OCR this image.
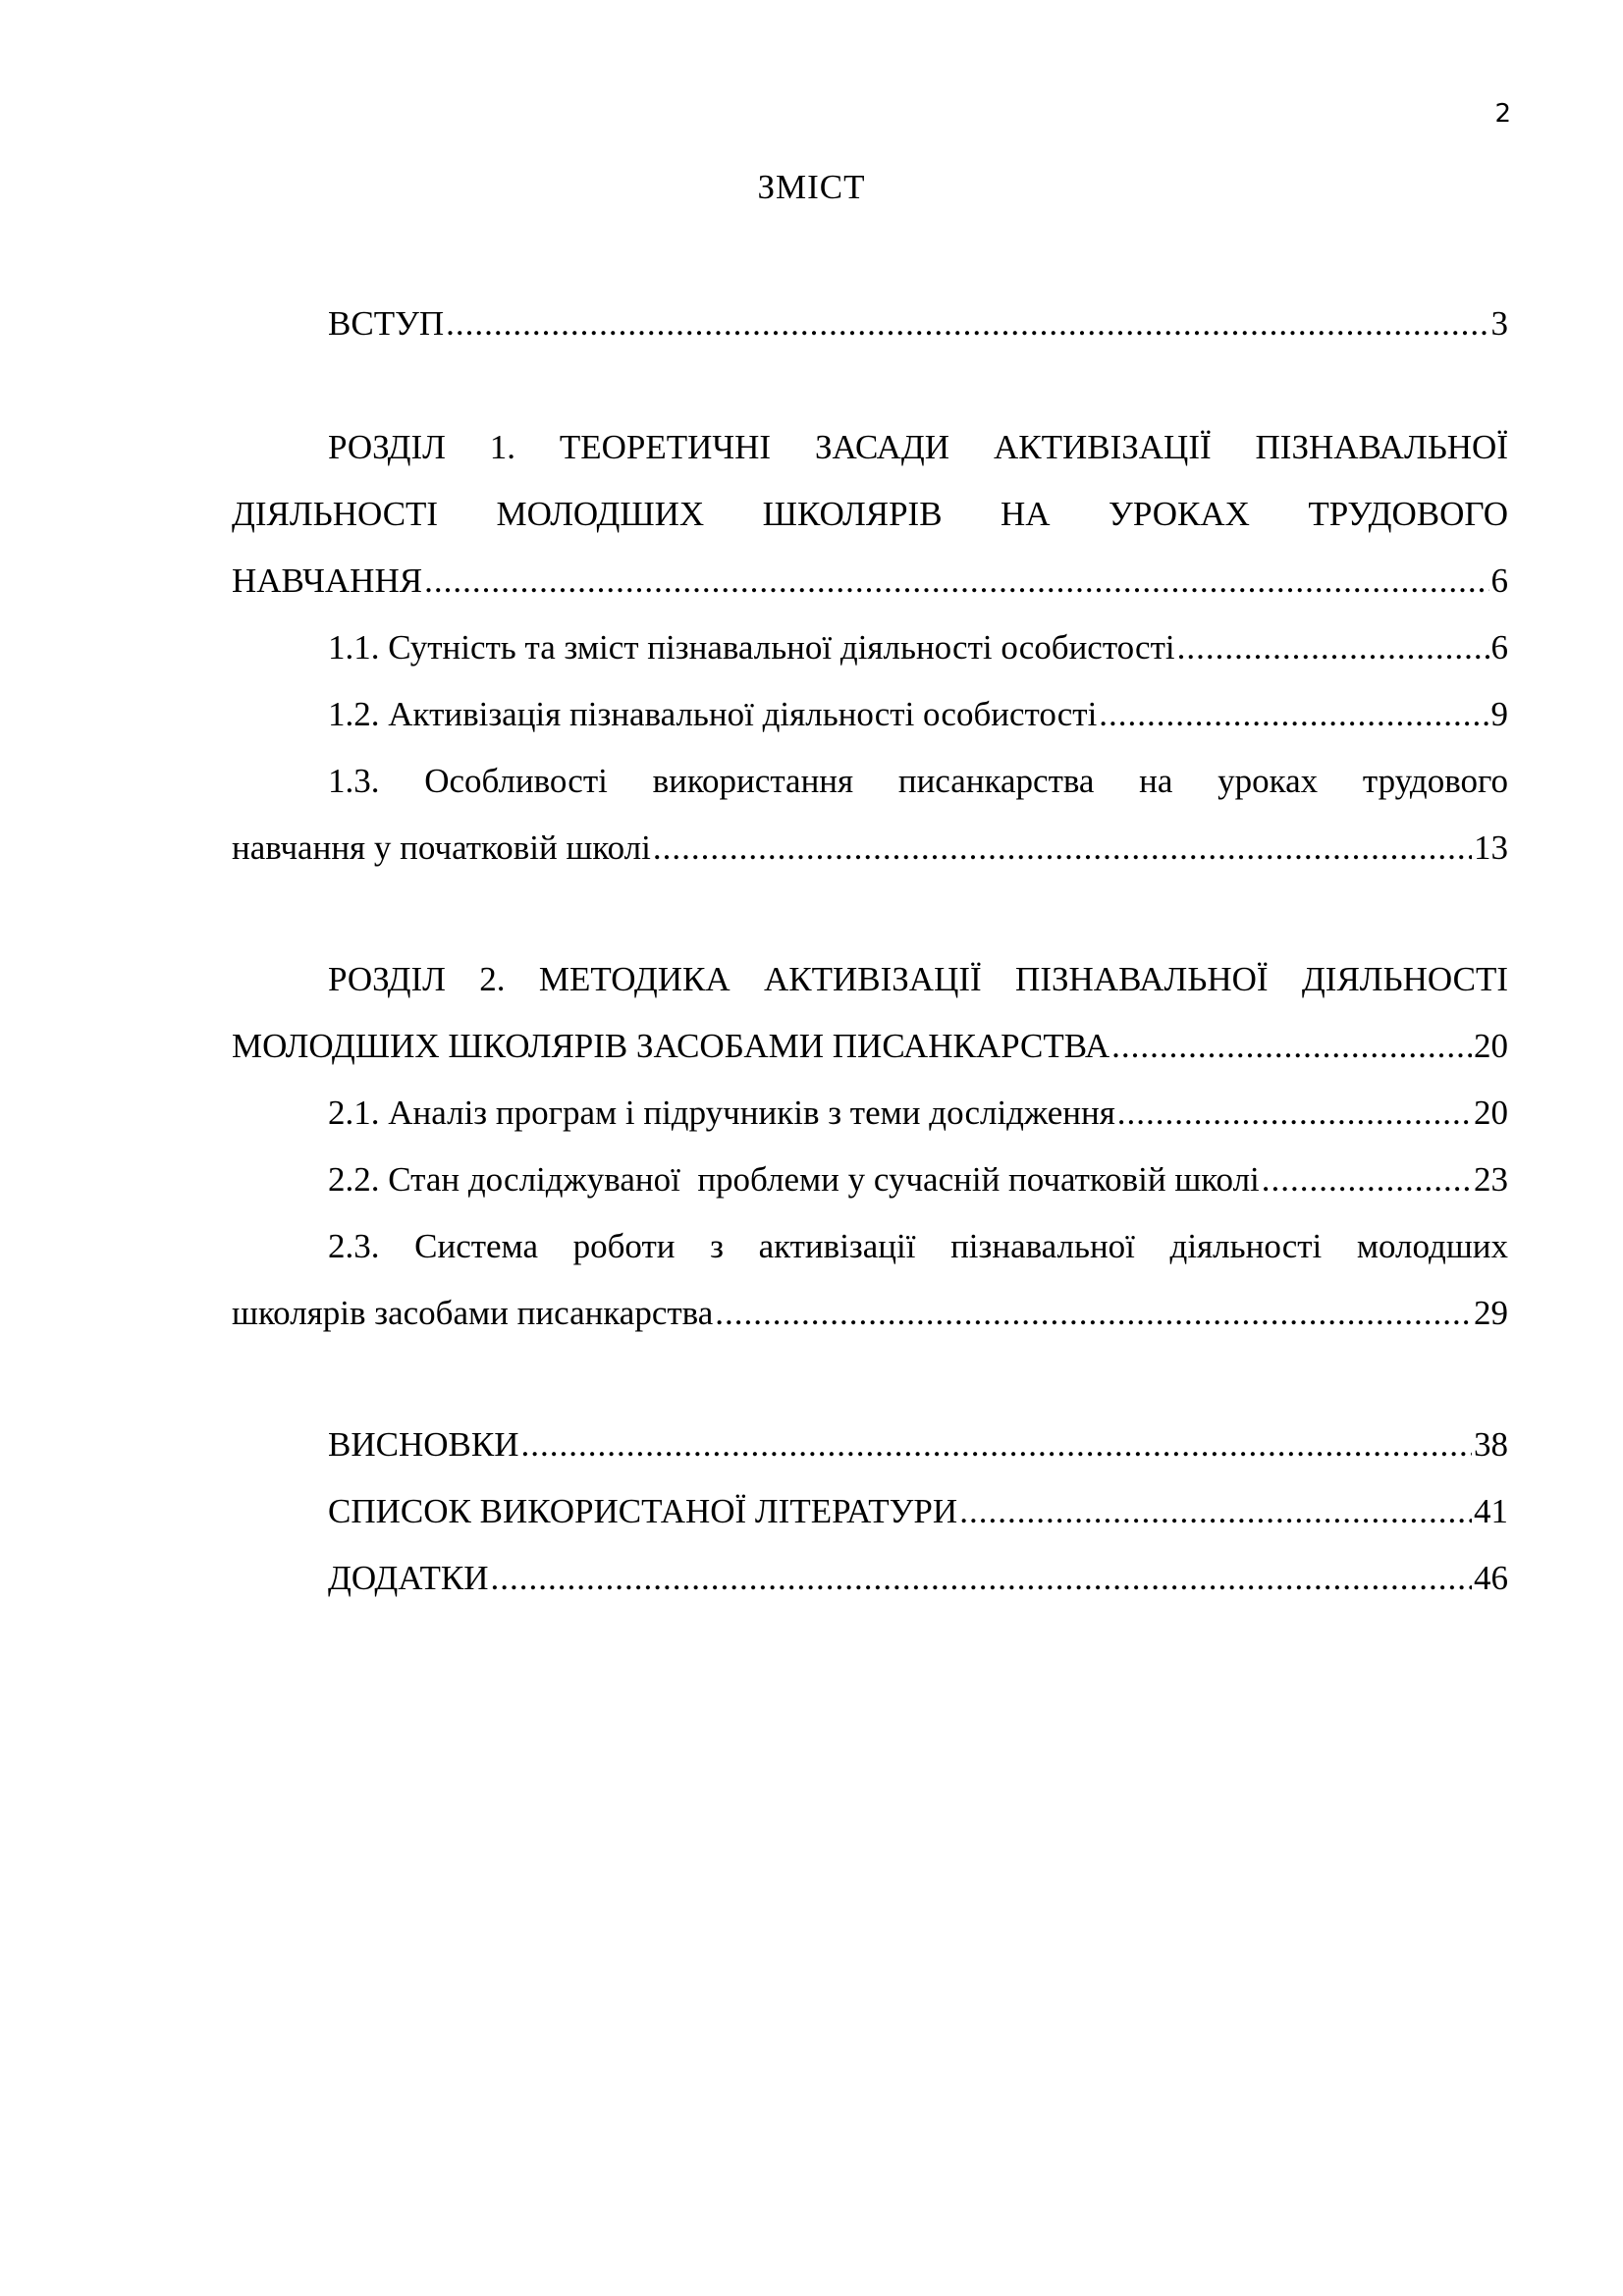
2
ЗМІСТ
ВСТУП .....	3
РОЗДІЛ 1. ТЕОРЕТИЧНІ ЗАСАДИ АКТИВІЗАЦІЇ ПІЗНАВАЛЬНОЇ
ДІЯЛЬНОСТІ МОЛОДШИХ ШКОЛЯРІВ НА УРОКАХ ТРУДОВОГО
НАВЧАННЯ .....	6
1.1. Сутність та зміст пізнавальної діяльності особистості .....	6
1.2. Активізація пізнавальної діяльності особистості .....	9
1.3. Особливості використання писанкарства на уроках трудового
навчання у початковій школі .....	13
РОЗДІЛ 2. МЕТОДИКА АКТИВІЗАЦІЇ ПІЗНАВАЛЬНОЇ ДІЯЛЬНОСТІ
МОЛОДШИХ ШКОЛЯРІВ ЗАСОБАМИ ПИСАНКАРСТВА .....	20
2.1. Аналіз програм і підручників з теми дослідження .....	20
2.2. Стан досліджуваної  проблеми у сучасній початковій школі .....	23
2.3. Система роботи з активізації пізнавальної діяльності молодших
школярів засобами писанкарства .....	29
ВИСНОВКИ .....	38
СПИСОК ВИКОРИСТАНОЇ ЛІТЕРАТУРИ .....	41
ДОДАТКИ .....	46
